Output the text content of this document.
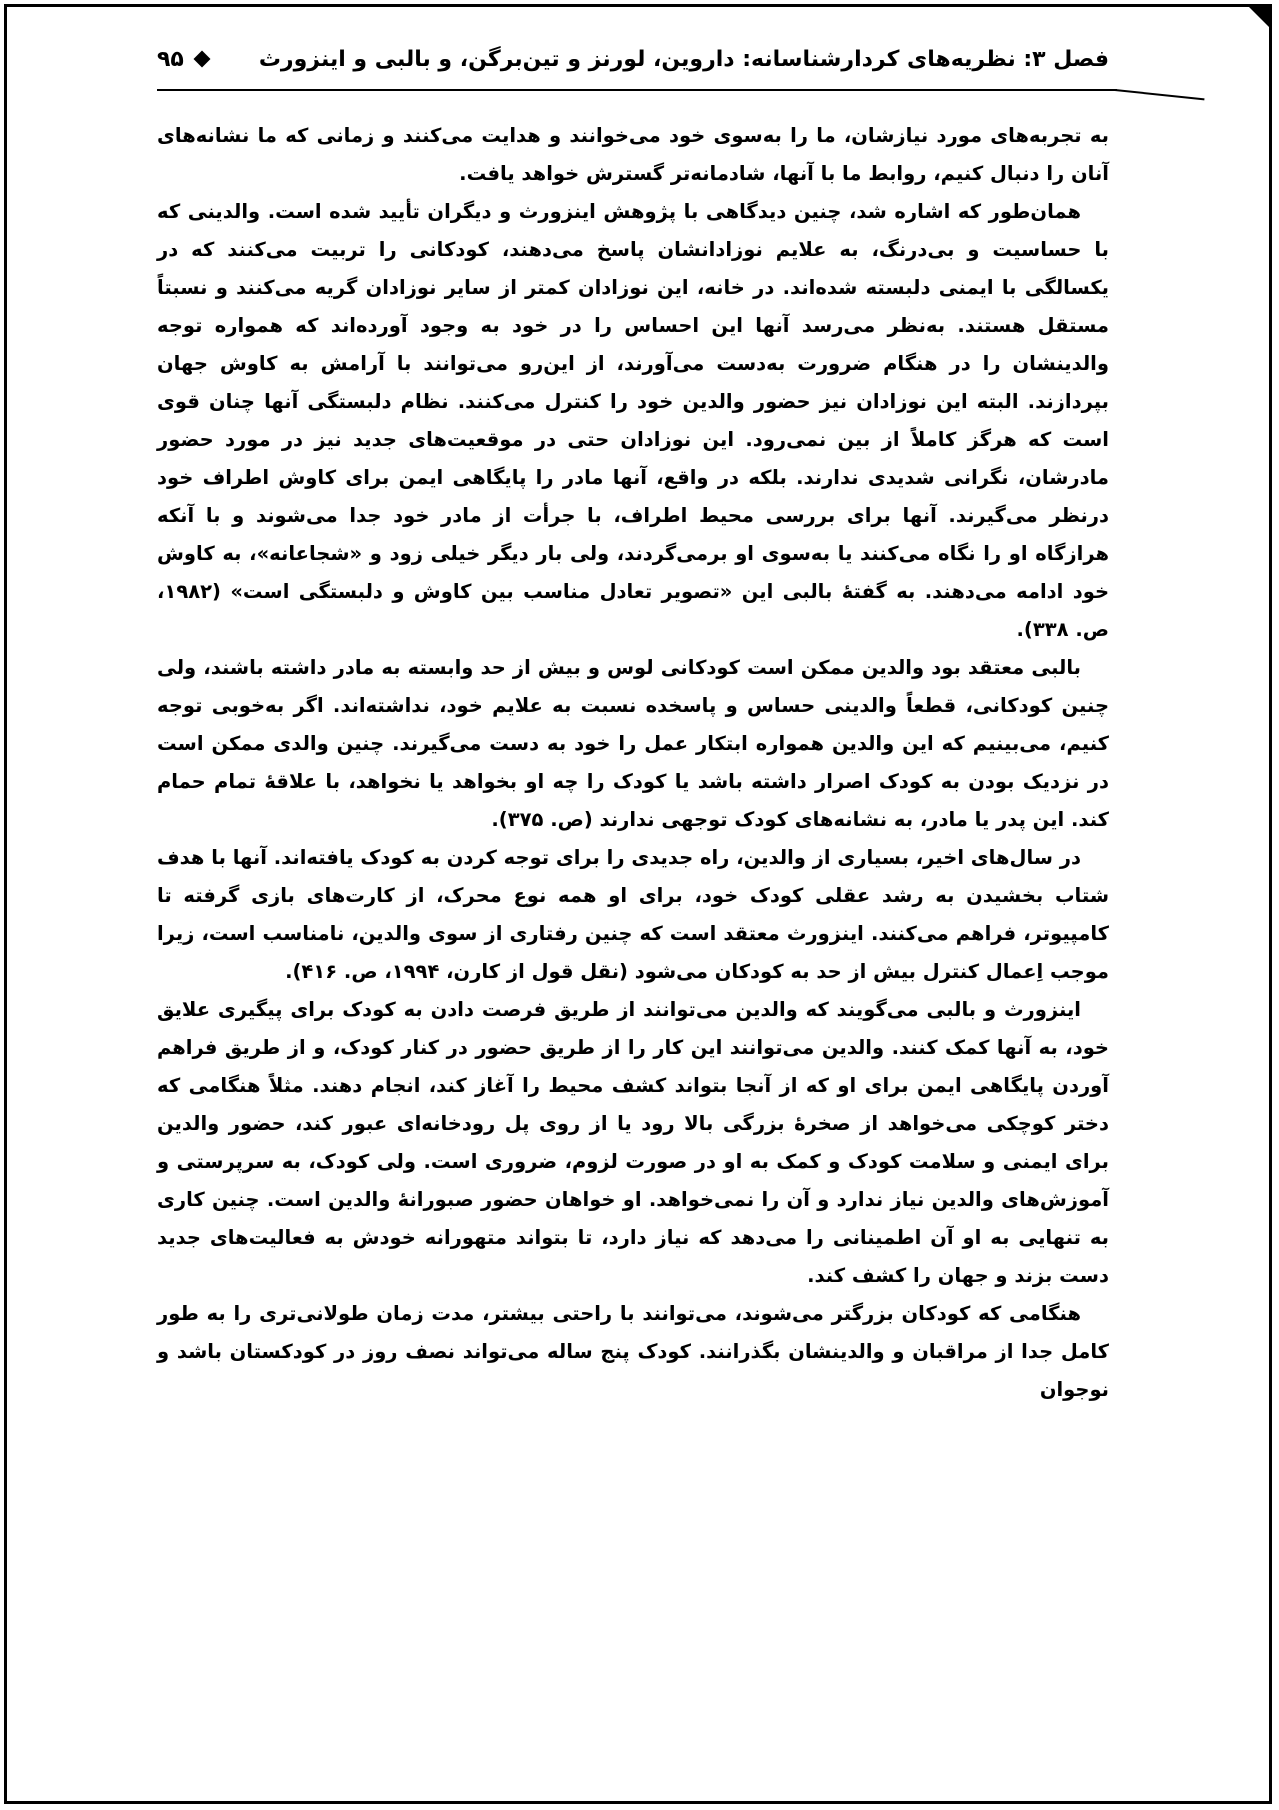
فصل ۳: نظریه‌های کردارشناسانه: داروین، لورنز و تین‌برگن، و بالبی و اینزورث
۹۵

به تجربه‌های مورد نیازشان، ما را به‌سوی خود می‌خوانند و هدایت می‌کنند و زمانی که ما نشانه‌های آنان را دنبال کنیم، روابط ما با آنها، شادمانه‌تر گسترش خواهد یافت.

همان‌طور که اشاره شد، چنین دیدگاهی با پژوهش اینزورث و دیگران تأیید شده است. والدینی که با حساسیت و بی‌درنگ، به علایم نوزادانشان پاسخ می‌دهند، کودکانی را تربیت می‌کنند که در یکسالگی با ایمنی دلبسته شده‌اند. در خانه، این نوزادان کمتر از سایر نوزادان گریه می‌کنند و نسبتاً مستقل هستند. به‌نظر می‌رسد آنها این احساس را در خود به وجود آورده‌اند که همواره توجه والدینشان را در هنگام ضرورت به‌دست می‌آورند، از این‌رو می‌توانند با آرامش به کاوش جهان بپردازند. البته این نوزادان نیز حضور والدین خود را کنترل می‌کنند. نظام دلبستگی آنها چنان قوی است که هرگز کاملاً از بین نمی‌رود. این نوزادان حتی در موقعیت‌های جدید نیز در مورد حضور مادرشان، نگرانی شدیدی ندارند. بلکه در واقع، آنها مادر را پایگاهی ایمن برای کاوش اطراف خود درنظر می‌گیرند. آنها برای بررسی محیط اطراف، با جرأت از مادر خود جدا می‌شوند و با آنکه هرازگاه او را نگاه می‌کنند یا به‌سوی او برمی‌گردند، ولی بار دیگر خیلی زود و «شجاعانه»، به کاوش خود ادامه می‌دهند. به گفتهٔ بالبی این «تصویر تعادل مناسب بین کاوش و دلبستگی است» (۱۹۸۲، ص. ۳۳۸).

بالبی معتقد بود والدین ممکن است کودکانی لوس و بیش از حد وابسته به مادر داشته باشند، ولی چنین کودکانی، قطعاً والدینی حساس و پاسخده نسبت به علایم خود، نداشته‌اند. اگر به‌خوبی توجه کنیم، می‌بینیم که این والدین همواره ابتکار عمل را خود به دست می‌گیرند. چنین والدی ممکن است در نزدیک بودن به کودک اصرار داشته باشد یا کودک را چه او بخواهد یا نخواهد، با علاقهٔ تمام حمام کند. این پدر یا مادر، به نشانه‌های کودک توجهی ندارند (ص. ۳۷۵).

در سال‌های اخیر، بسیاری از والدین، راه جدیدی را برای توجه کردن به کودک یافته‌اند. آنها با هدف شتاب بخشیدن به رشد عقلی کودک خود، برای او همه نوع محرک، از کارت‌های بازی گرفته تا کامپیوتر، فراهم می‌کنند. اینزورث معتقد است که چنین رفتاری از سوی والدین، نامناسب است، زیرا موجب اِعمال کنترل بیش از حد به کودکان می‌شود (نقل قول از کارن، ۱۹۹۴، ص. ۴۱۶).

اینزورث و بالبی می‌گویند که والدین می‌توانند از طریق فرصت دادن به کودک برای پیگیری علایق خود، به آنها کمک کنند. والدین می‌توانند این کار را از طریق حضور در کنار کودک، و از طریق فراهم آوردن پایگاهی ایمن برای او که از آنجا بتواند کشف محیط را آغاز کند، انجام دهند. مثلاً هنگامی که دختر کوچکی می‌خواهد از صخرهٔ بزرگی بالا رود یا از روی پل رودخانه‌ای عبور کند، حضور والدین برای ایمنی و سلامت کودک و کمک به او در صورت لزوم، ضروری است. ولی کودک، به سرپرستی و آموزش‌های والدین نیاز ندارد و آن را نمی‌خواهد. او خواهان حضور صبورانهٔ والدین است. چنین کاری به تنهایی به او آن اطمینانی را می‌دهد که نیاز دارد، تا بتواند متهورانه خودش به فعالیت‌های جدید دست بزند و جهان را کشف کند.

هنگامی که کودکان بزرگتر می‌شوند، می‌توانند با راحتی بیشتر، مدت زمان طولانی‌تری را به طور کامل جدا از مراقبان و والدینشان بگذرانند. کودک پنج ساله می‌تواند نصف روز در کودکستان باشد و نوجوان
